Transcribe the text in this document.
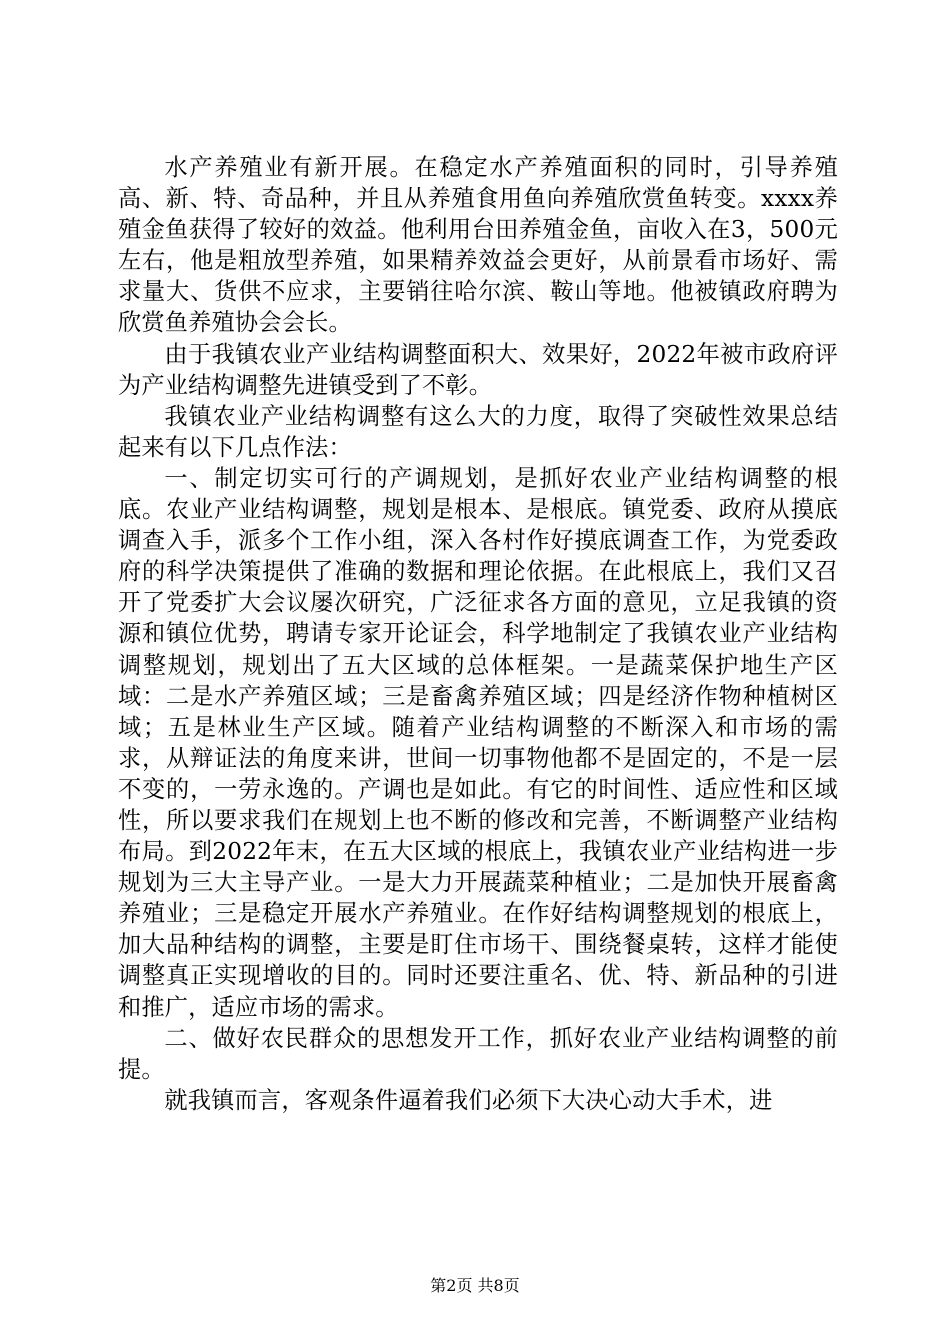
水产养殖业有新开展。在稳定水产养殖面积的同时，引导养殖高、新、特、奇品种，并且从养殖食用鱼向养殖欣赏鱼转变。xxxx养殖金鱼获得了较好的效益。他利用台田养殖金鱼，亩收入在3，500元左右，他是粗放型养殖，如果精养效益会更好，从前景看市场好、需求量大、货供不应求，主要销往哈尔滨、鞍山等地。他被镇政府聘为欣赏鱼养殖协会会长。

由于我镇农业产业结构调整面积大、效果好，2022年被市政府评为产业结构调整先进镇受到了不彰。

我镇农业产业结构调整有这么大的力度，取得了突破性效果总结起来有以下几点作法：

一、制定切实可行的产调规划，是抓好农业产业结构调整的根底。农业产业结构调整，规划是根本、是根底。镇党委、政府从摸底调查入手，派多个工作小组，深入各村作好摸底调查工作，为党委政府的科学决策提供了准确的数据和理论依据。在此根底上，我们又召开了党委扩大会议屡次研究，广泛征求各方面的意见，立足我镇的资源和镇位优势，聘请专家开论证会，科学地制定了我镇农业产业结构调整规划，规划出了五大区域的总体框架。一是蔬菜保护地生产区域：二是水产养殖区域；三是畜禽养殖区域；四是经济作物种植树区域；五是林业生产区域。随着产业结构调整的不断深入和市场的需求，从辩证法的角度来讲，世间一切事物他都不是固定的，不是一层不变的，一劳永逸的。产调也是如此。有它的时间性、适应性和区域性，所以要求我们在规划上也不断的修改和完善，不断调整产业结构布局。到2022年末，在五大区域的根底上，我镇农业产业结构进一步规划为三大主导产业。一是大力开展蔬菜种植业；二是加快开展畜禽养殖业；三是稳定开展水产养殖业。在作好结构调整规划的根底上，加大品种结构的调整，主要是盯住市场干、围绕餐桌转，这样才能使调整真正实现增收的目的。同时还要注重名、优、特、新品种的引进和推广，适应市场的需求。

二、做好农民群众的思想发开工作，抓好农业产业结构调整的前提。

就我镇而言，客观条件逼着我们必须下大决心动大手术，进

第2页 共8页
